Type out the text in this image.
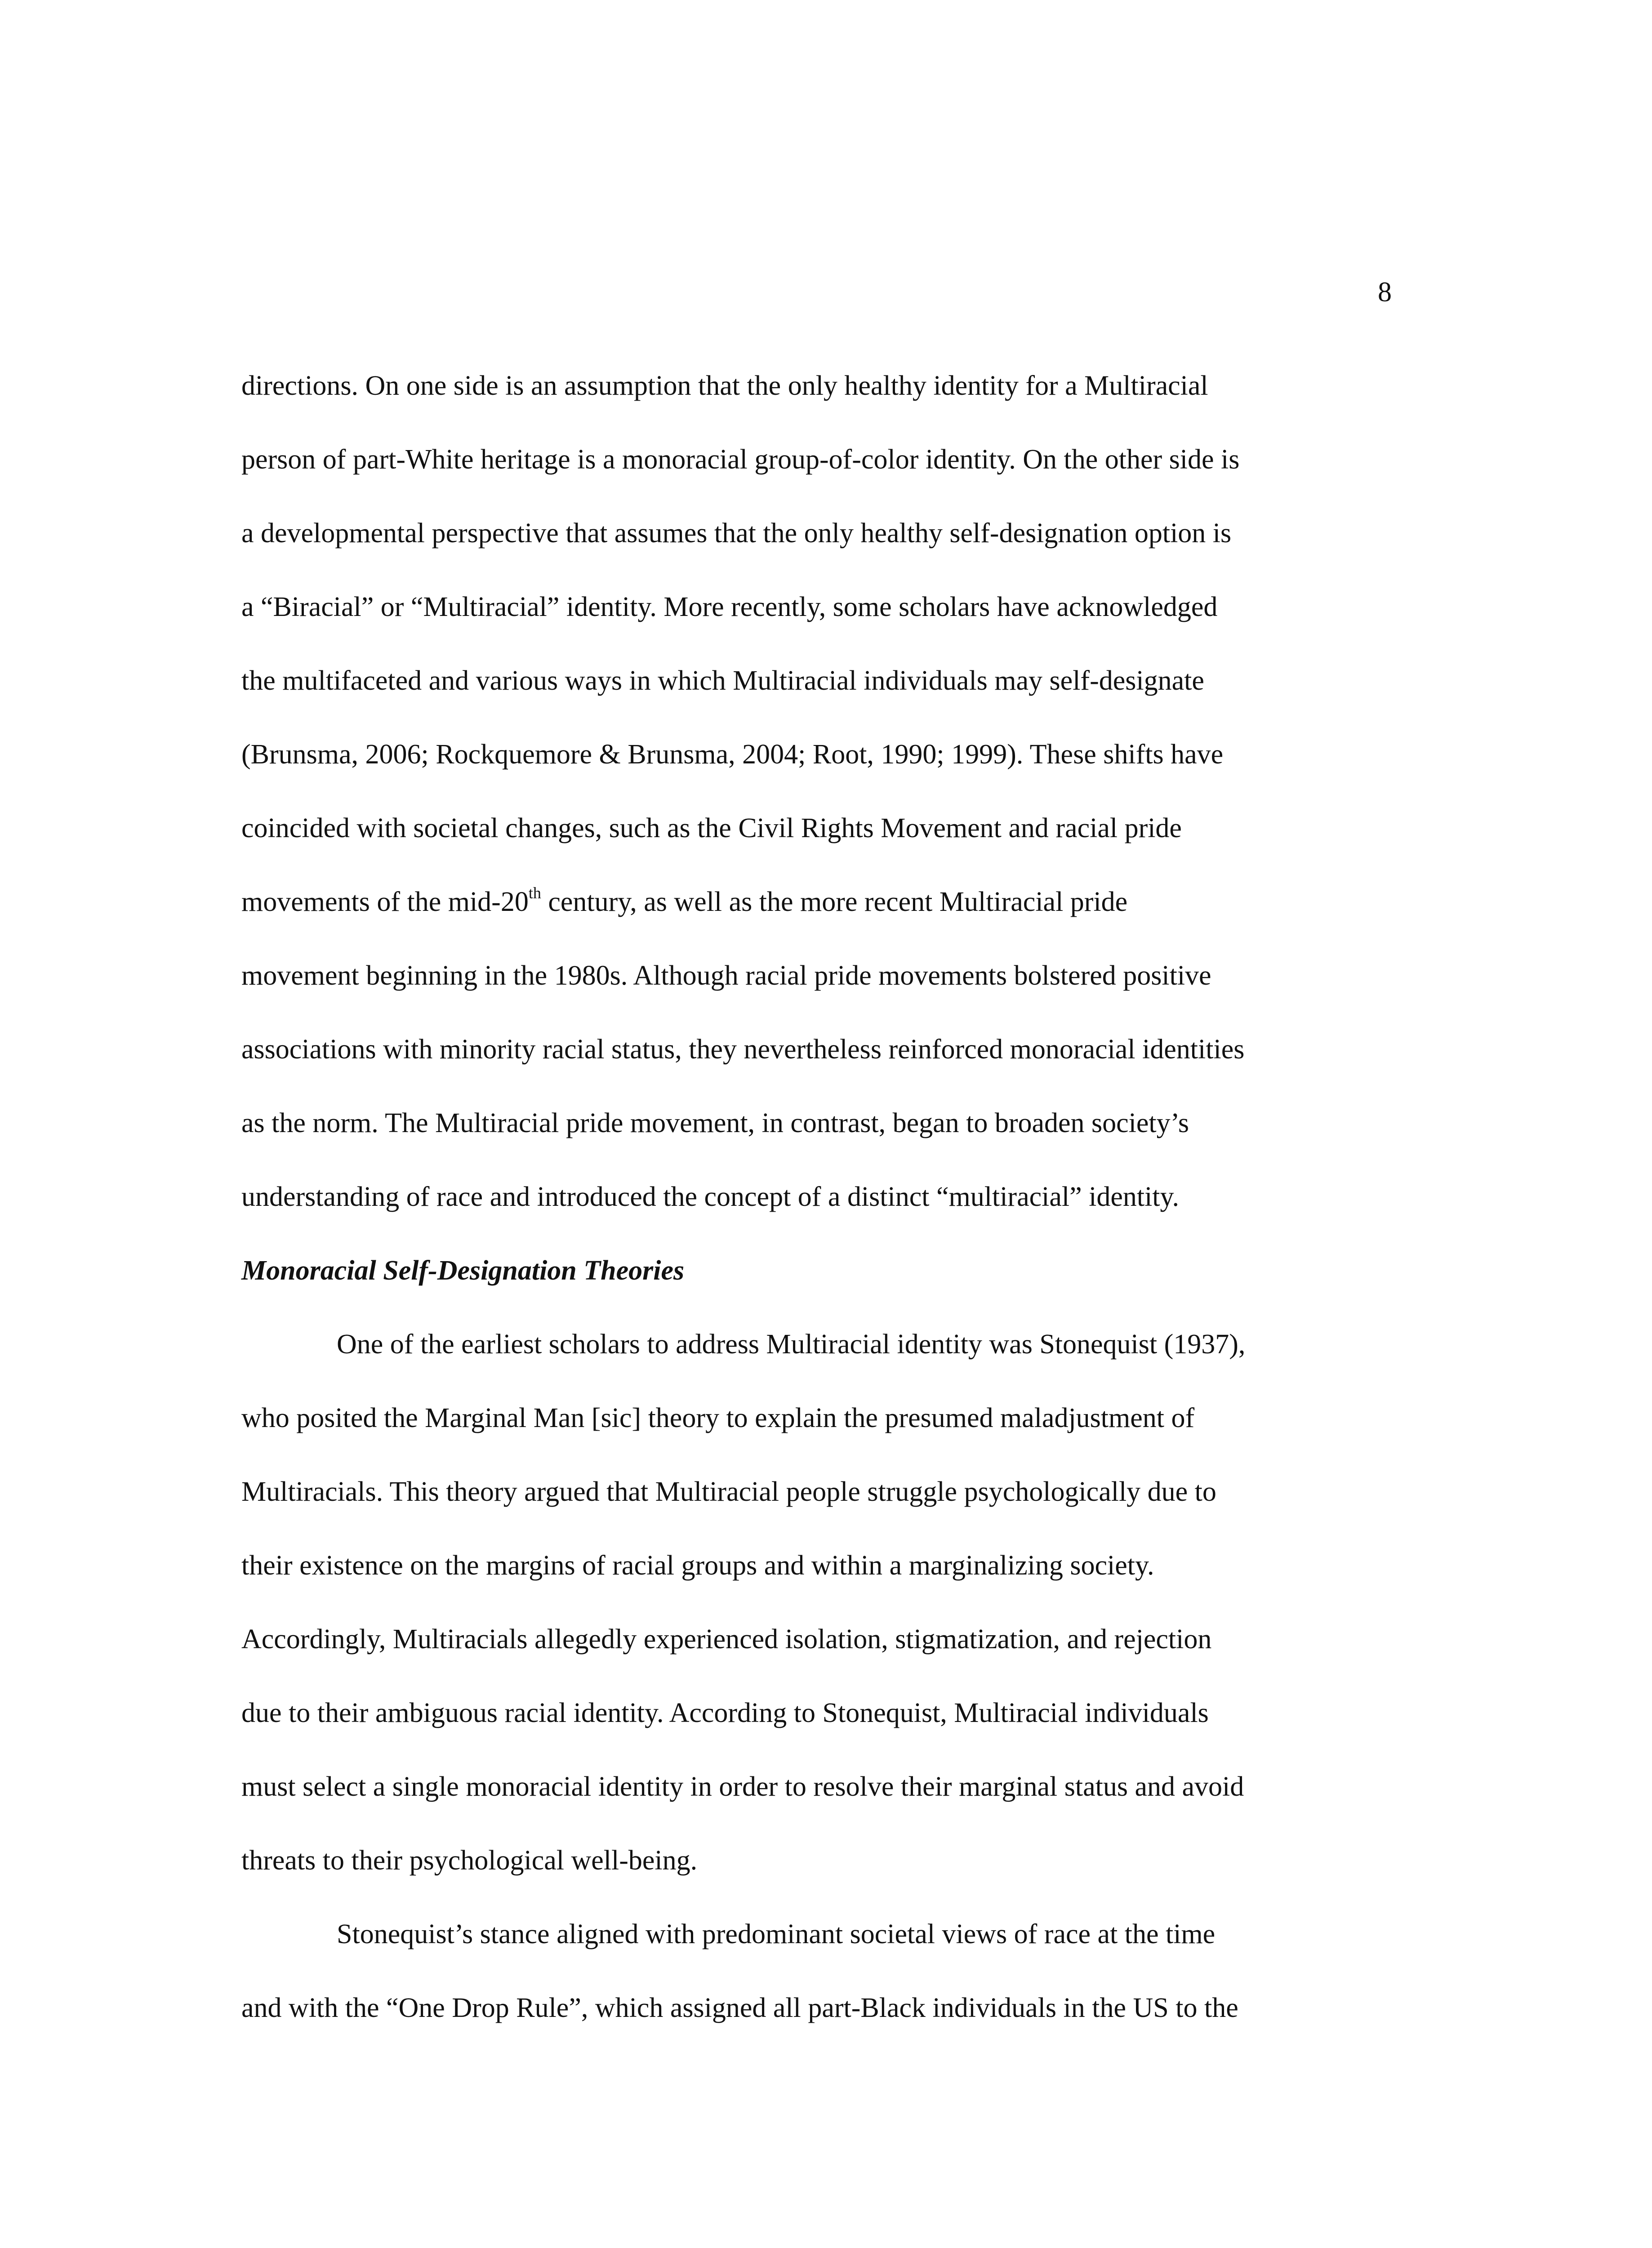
8
directions. On one side is an assumption that the only healthy identity for a Multiracial
person of part-White heritage is a monoracial group-of-color identity. On the other side is
a developmental perspective that assumes that the only healthy self-designation option is
a “Biracial” or “Multiracial” identity. More recently, some scholars have acknowledged
the multifaceted and various ways in which Multiracial individuals may self-designate
(Brunsma, 2006; Rockquemore & Brunsma, 2004; Root, 1990; 1999). These shifts have
coincided with societal changes, such as the Civil Rights Movement and racial pride
movements of the mid-20th century, as well as the more recent Multiracial pride
movement beginning in the 1980s. Although racial pride movements bolstered positive
associations with minority racial status, they nevertheless reinforced monoracial identities
as the norm. The Multiracial pride movement, in contrast, began to broaden society’s
understanding of race and introduced the concept of a distinct “multiracial” identity.
Monoracial Self-Designation Theories
One of the earliest scholars to address Multiracial identity was Stonequist (1937),
who posited the Marginal Man [sic] theory to explain the presumed maladjustment of
Multiracials. This theory argued that Multiracial people struggle psychologically due to
their existence on the margins of racial groups and within a marginalizing society.
Accordingly, Multiracials allegedly experienced isolation, stigmatization, and rejection
due to their ambiguous racial identity. According to Stonequist, Multiracial individuals
must select a single monoracial identity in order to resolve their marginal status and avoid
threats to their psychological well-being.
Stonequist’s stance aligned with predominant societal views of race at the time
and with the “One Drop Rule”, which assigned all part-Black individuals in the US to the
